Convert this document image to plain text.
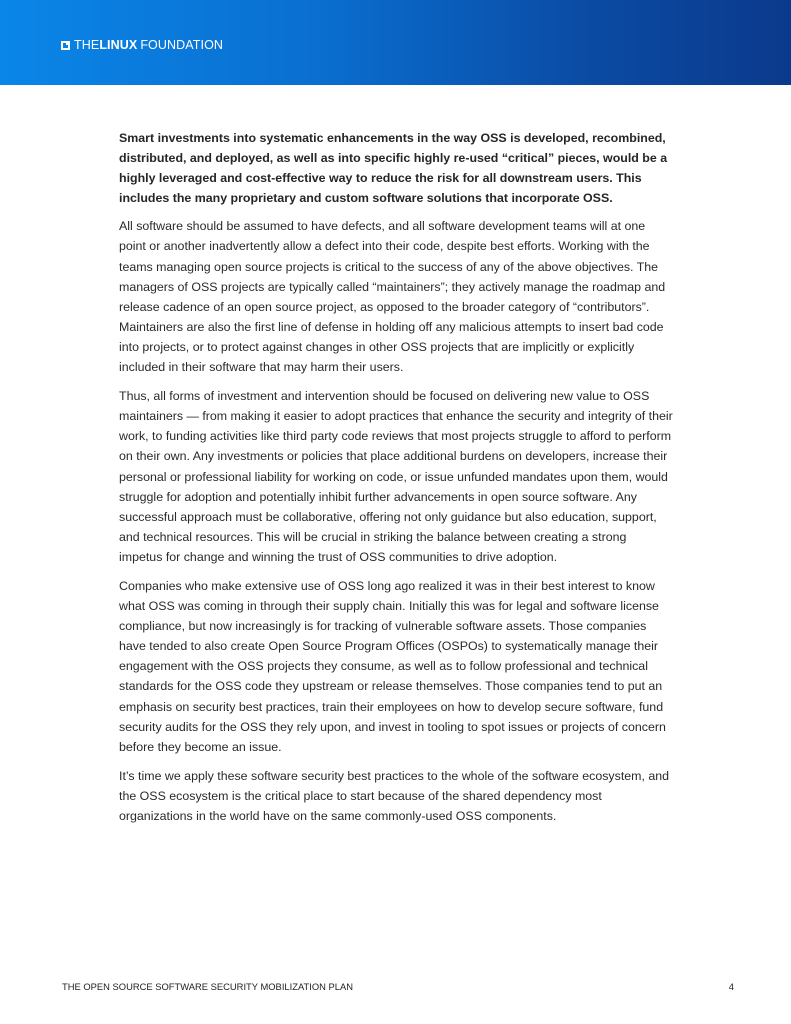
THE LINUX FOUNDATION

Smart investments into systematic enhancements in the way OSS is developed, recombined, distributed, and deployed, as well as into specific highly re-used “critical” pieces, would be a highly leveraged and cost-effective way to reduce the risk for all downstream users. This includes the many proprietary and custom software solutions that incorporate OSS.

All software should be assumed to have defects, and all software development teams will at one point or another inadvertently allow a defect into their code, despite best efforts. Working with the teams managing open source projects is critical to the success of any of the above objectives. The managers of OSS projects are typically called “maintainers”; they actively manage the roadmap and release cadence of an open source project, as opposed to the broader category of “contributors”. Maintainers are also the first line of defense in holding off any malicious attempts to insert bad code into projects, or to protect against changes in other OSS projects that are implicitly or explicitly included in their software that may harm their users.

Thus, all forms of investment and intervention should be focused on delivering new value to OSS maintainers — from making it easier to adopt practices that enhance the security and integrity of their work, to funding activities like third party code reviews that most projects struggle to afford to perform on their own. Any investments or policies that place additional burdens on developers, increase their personal or professional liability for working on code, or issue unfunded mandates upon them, would struggle for adoption and potentially inhibit further advancements in open source software. Any successful approach must be collaborative, offering not only guidance but also education, support, and technical resources. This will be crucial in striking the balance between creating a strong impetus for change and winning the trust of OSS communities to drive adoption.

Companies who make extensive use of OSS long ago realized it was in their best interest to know what OSS was coming in through their supply chain. Initially this was for legal and software license compliance, but now increasingly is for tracking of vulnerable software assets. Those companies have tended to also create Open Source Program Offices (OSPOs) to systematically manage their engagement with the OSS projects they consume, as well as to follow professional and technical standards for the OSS code they upstream or release themselves. Those companies tend to put an emphasis on security best practices, train their employees on how to develop secure software, fund security audits for the OSS they rely upon, and invest in tooling to spot issues or projects of concern before they become an issue.

It’s time we apply these software security best practices to the whole of the software ecosystem, and the OSS ecosystem is the critical place to start because of the shared dependency most organizations in the world have on the same commonly-used OSS components.

THE OPEN SOURCE SOFTWARE SECURITY MOBILIZATION PLAN	4
